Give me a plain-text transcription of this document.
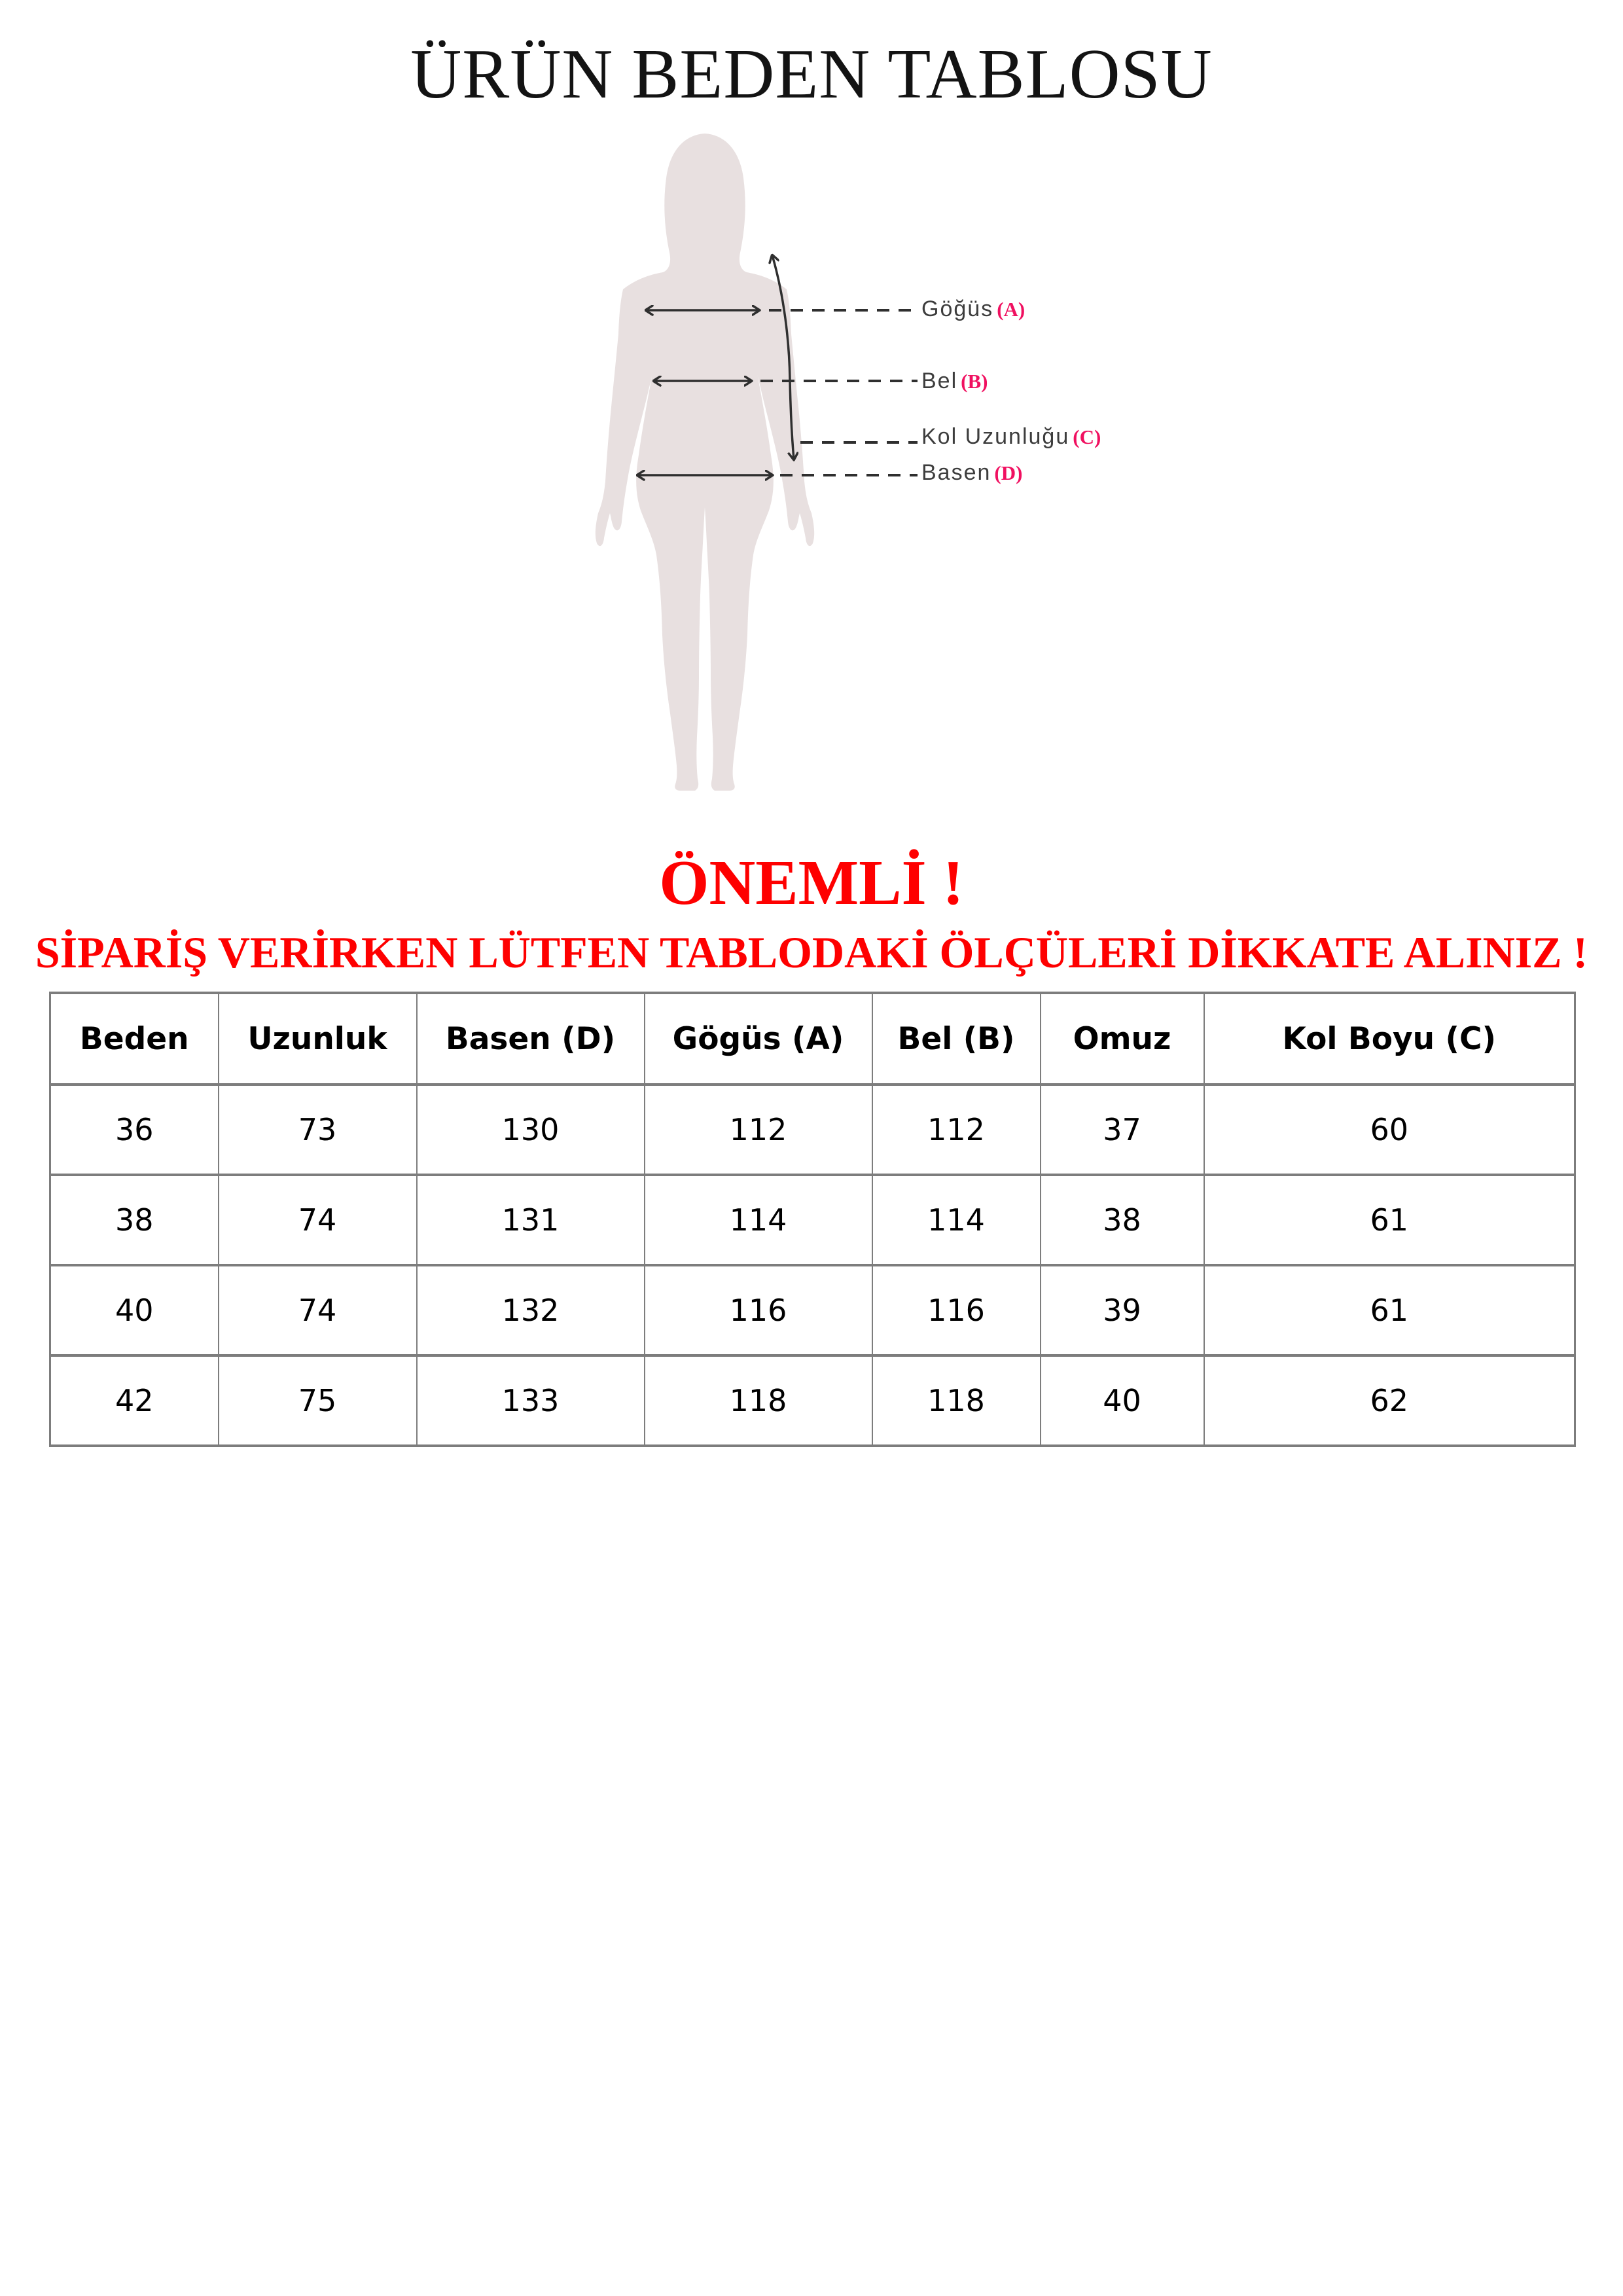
ÜRÜN BEDEN TABLOSU
Göğüs (A)
Bel (B)
Kol Uzunluğu (C)
Basen (D)
ÖNEMLİ !
SİPARİŞ VERİRKEN LÜTFEN TABLODAKİ ÖLÇÜLERİ DİKKATE ALINIZ !
Beden	Uzunluk	Basen (D)	Gögüs (A)	Bel (B)	Omuz	Kol Boyu (C)
36	73	130	112	112	37	60
38	74	131	114	114	38	61
40	74	132	116	116	39	61
42	75	133	118	118	40	62
